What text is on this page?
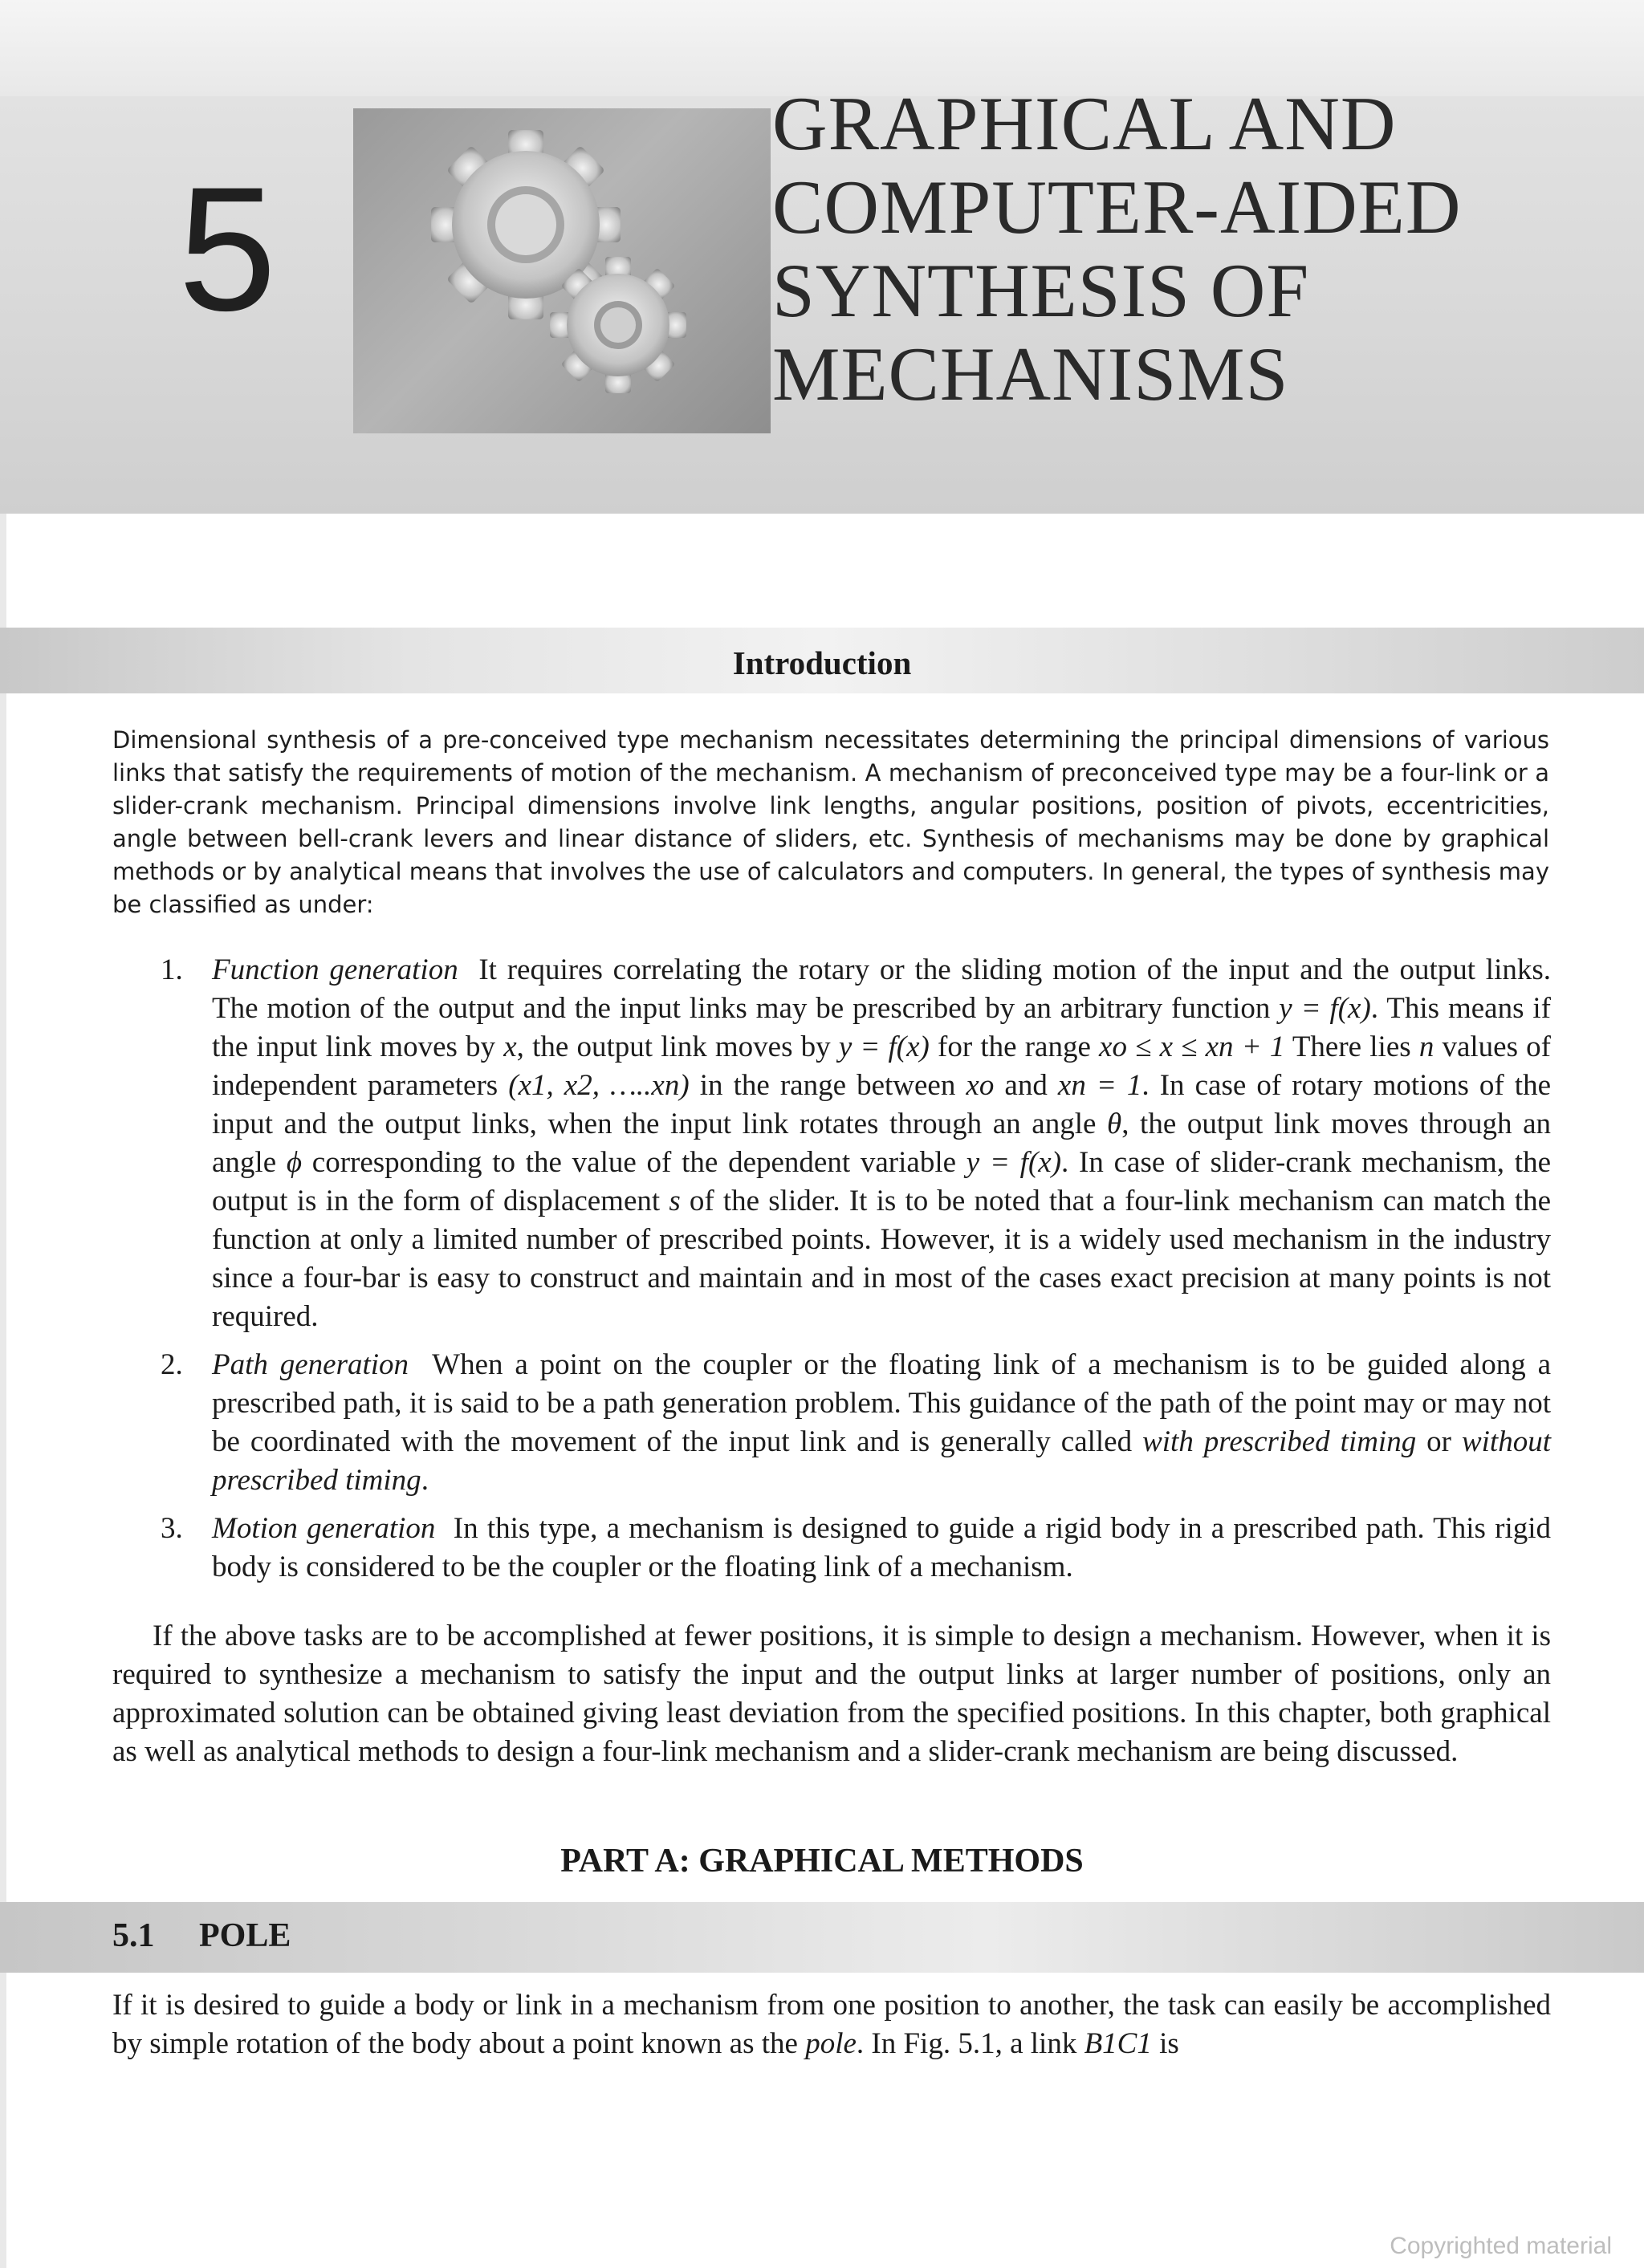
5
GRAPHICAL AND
COMPUTER-AIDED
SYNTHESIS OF
MECHANISMS
Introduction
Dimensional synthesis of a pre-conceived type mechanism necessitates determining the principal dimensions of various links that satisfy the requirements of motion of the mechanism. A mechanism of preconceived type may be a four-link or a slider-crank mechanism. Principal dimensions involve link lengths, angular positions, position of pivots, eccentricities, angle between bell-crank levers and linear distance of sliders, etc. Synthesis of mechanisms may be done by graphical methods or by analytical means that involves the use of calculators and computers. In general, the types of synthesis may be classified as under:
1. Function generation It requires correlating the rotary or the sliding motion of the input and the output links. The motion of the output and the input links may be prescribed by an arbitrary function y = f(x). This means if the input link moves by x, the output link moves by y = f(x) for the range xo ≤ x ≤ xn + 1 There lies n values of independent parameters (x1, x2, …..xn) in the range between xo and xn = 1. In case of rotary motions of the input and the output links, when the input link rotates through an angle θ, the output link moves through an angle ϕ corresponding to the value of the dependent variable y = f(x). In case of slider-crank mechanism, the output is in the form of displacement s of the slider. It is to be noted that a four-link mechanism can match the function at only a limited number of prescribed points. However, it is a widely used mechanism in the industry since a four-bar is easy to construct and maintain and in most of the cases exact precision at many points is not required.
2. Path generation When a point on the coupler or the floating link of a mechanism is to be guided along a prescribed path, it is said to be a path generation problem. This guidance of the path of the point may or may not be coordinated with the movement of the input link and is generally called with prescribed timing or without prescribed timing.
3. Motion generation In this type, a mechanism is designed to guide a rigid body in a prescribed path. This rigid body is considered to be the coupler or the floating link of a mechanism.
If the above tasks are to be accomplished at fewer positions, it is simple to design a mechanism. However, when it is required to synthesize a mechanism to satisfy the input and the output links at larger number of positions, only an approximated solution can be obtained giving least deviation from the specified positions. In this chapter, both graphical as well as analytical methods to design a four-link mechanism and a slider-crank mechanism are being discussed.
PART A: GRAPHICAL METHODS
5.1 POLE
If it is desired to guide a body or link in a mechanism from one position to another, the task can easily be accomplished by simple rotation of the body about a point known as the pole. In Fig. 5.1, a link B1C1 is
Copyrighted material
